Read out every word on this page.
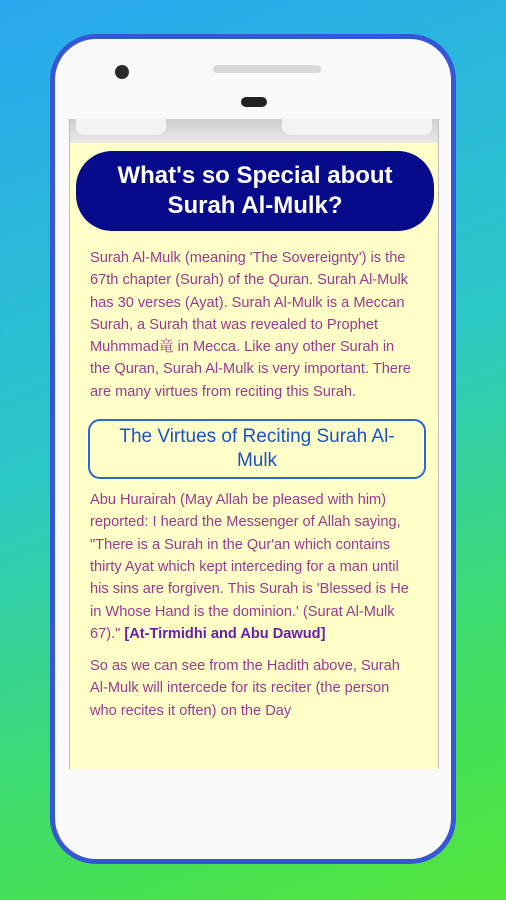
What's so Special about Surah Al-Mulk?

Surah Al-Mulk (meaning 'The Sovereignty') is the 67th chapter (Surah) of the Quran. Surah Al-Mulk has 30 verses (Ayat). Surah Al-Mulk is a Meccan Surah, a Surah that was revealed to Prophet Muhmmad⻯ in Mecca. Like any other Surah in the Quran, Surah Al-Mulk is very important. There are many virtues from reciting this Surah.

The Virtues of Reciting Surah Al-Mulk

Abu Hurairah (May Allah be pleased with him) reported: I heard the Messenger of Allah saying, "There is a Surah in the Qur'an which contains thirty Ayat which kept interceding for a man until his sins are forgiven. This Surah is 'Blessed is He in Whose Hand is the dominion.' (Surat Al-Mulk 67)." [At-Tirmidhi and Abu Dawud]

So as we can see from the Hadith above, Surah Al-Mulk will intercede for its reciter (the person who recites it often) on the Day
